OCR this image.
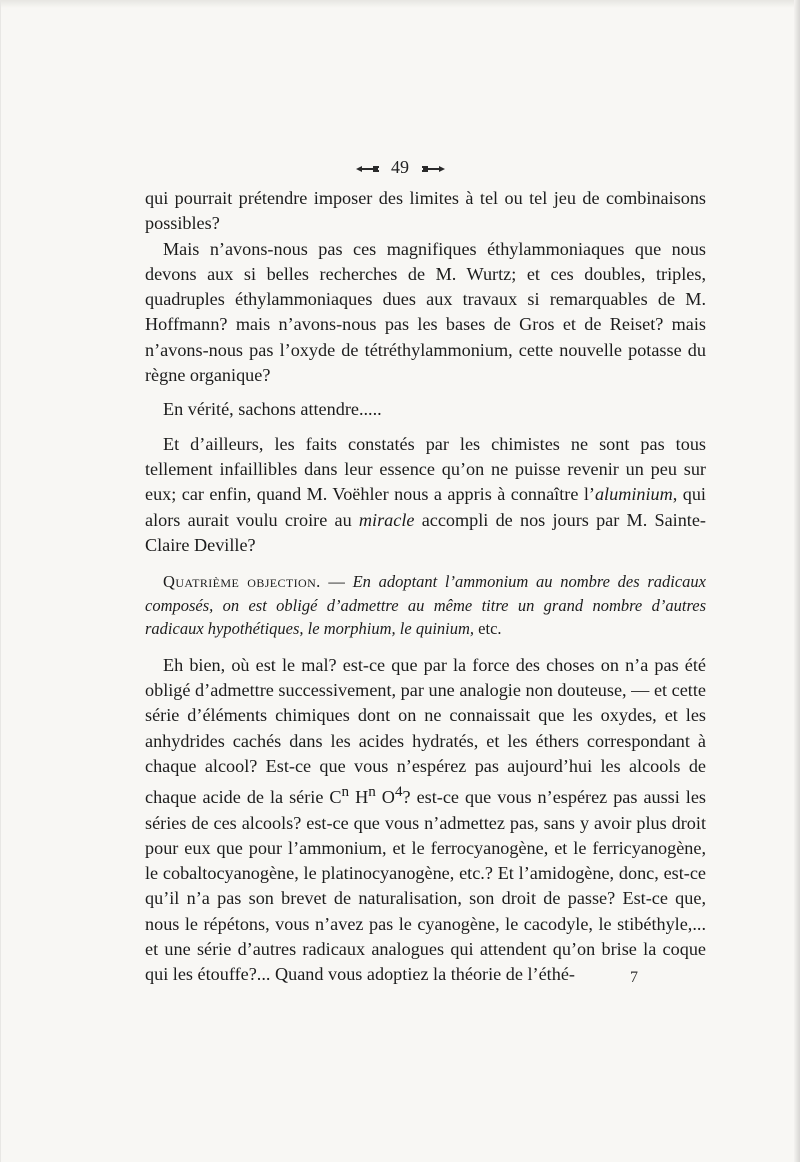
49

qui pourrait prétendre imposer des limites à tel ou tel jeu de combinaisons possibles?

Mais n’avons-nous pas ces magnifiques éthylammoniaques que nous devons aux si belles recherches de M. Wurtz; et ces doubles, triples, quadruples éthylammoniaques dues aux travaux si remarquables de M. Hoffmann? mais n’avons-nous pas les bases de Gros et de Reiset? mais n’avons-nous pas l’oxyde de tétréthylammonium, cette nouvelle potasse du règne organique?

En vérité, sachons attendre.....

Et d’ailleurs, les faits constatés par les chimistes ne sont pas tous tellement infaillibles dans leur essence qu’on ne puisse revenir un peu sur eux; car enfin, quand M. Voëhler nous a appris à connaître l’aluminium, qui alors aurait voulu croire au miracle accompli de nos jours par M. Sainte-Claire Deville?

Quatrième objection. — En adoptant l’ammonium au nombre des radicaux composés, on est obligé d’admettre au même titre un grand nombre d’autres radicaux hypothétiques, le morphium, le quinium, etc.

Eh bien, où est le mal? est-ce que par la force des choses on n’a pas été obligé d’admettre successivement, par une analogie non douteuse, — et cette série d’éléments chimiques dont on ne connaissait que les oxydes, et les anhydrides cachés dans les acides hydratés, et les éthers correspondant à chaque alcool? Est-ce que vous n’espérez pas aujourd’hui les alcools de chaque acide de la série $C^n$ $H^n$ $O^4$? est-ce que vous n’espérez pas aussi les séries de ces alcools? est-ce que vous n’admettez pas, sans y avoir plus droit pour eux que pour l’ammonium, et le ferrocyanogène, et le ferricyanogène, le cobaltocyanogène, le platinocyanogène, etc.? Et l’amidogène, donc, est-ce qu’il n’a pas son brevet de naturalisation, son droit de passe? Est-ce que, nous le répétons, vous n’avez pas le cyanogène, le cacodyle, le stibéthyle,... et une série d’autres radicaux analogues qui attendent qu’on brise la coque qui les étouffe?... Quand vous adoptiez la théorie de l’éthé-	7
